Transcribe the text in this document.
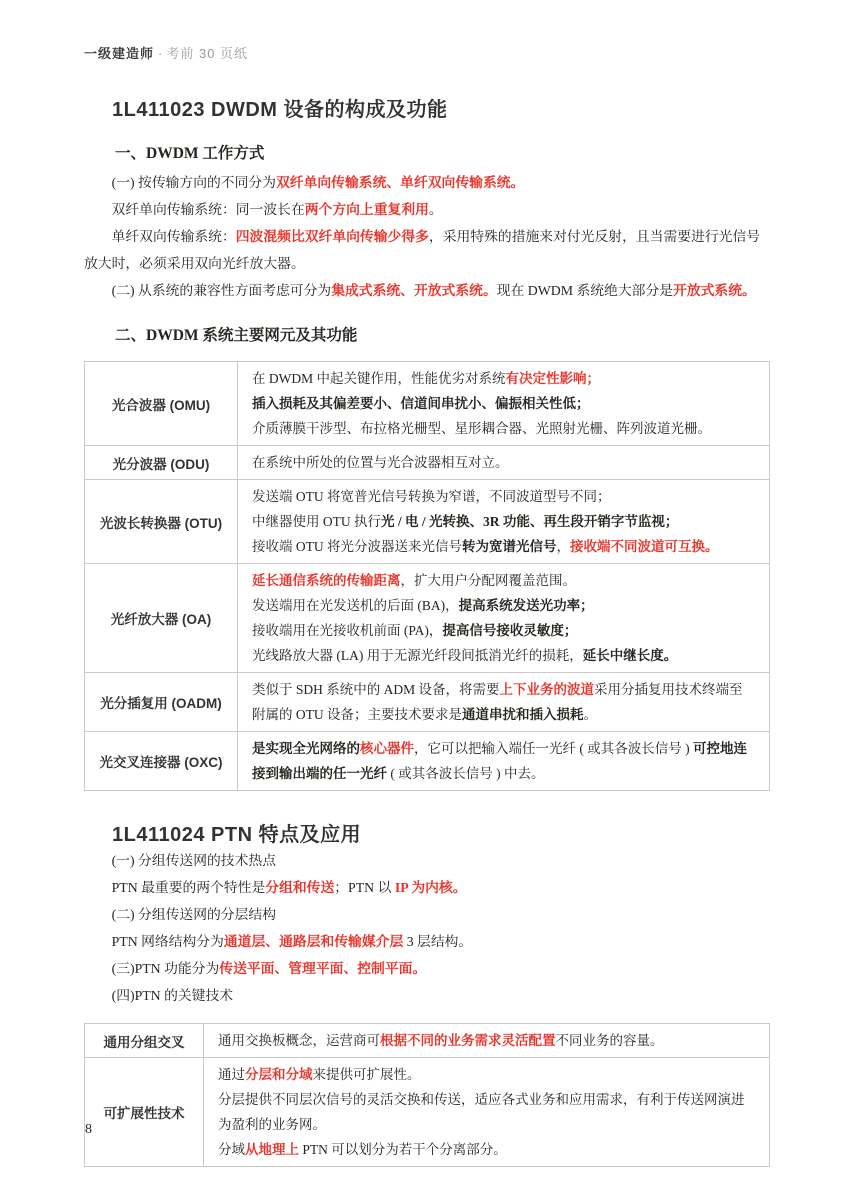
一级建造师 · 考前 30 页纸
1L411023 DWDM 设备的构成及功能
一、DWDM 工作方式

(一) 按传输方向的不同分为双纤单向传输系统、单纤双向传输系统。

双纤单向传输系统：同一波长在两个方向上重复利用。

单纤双向传输系统：四波混频比双纤单向传输少得多，采用特殊的措施来对付光反射，且当需要进行光信号放大时，必须采用双向光纤放大器。

(二) 从系统的兼容性方面考虑可分为集成式系统、开放式系统。现在 DWDM 系统绝大部分是开放式系统。

二、DWDM 系统主要网元及其功能
光合波器 (OMU)	在 DWDM 中起关键作用，性能优劣对系统有决定性影响；
插入损耗及其偏差要小、信道间串扰小、偏振相关性低；
介质薄膜干涉型、布拉格光栅型、星形耦合器、光照射光栅、阵列波道光栅。

光分波器 (ODU)	在系统中所处的位置与光合波器相互对立。

光波长转换器 (OTU)	发送端 OTU 将宽普光信号转换为窄谱，不同波道型号不同；
中继器使用 OTU 执行光 / 电 / 光转换、3R 功能、再生段开销字节监视；
接收端 OTU 将光分波器送来光信号转为宽谱光信号，接收端不同波道可互换。

光纤放大器 (OA)	延长通信系统的传输距离，扩大用户分配网覆盖范围。
发送端用在光发送机的后面 (BA)，提高系统发送光功率；
接收端用在光接收机前面 (PA)，提高信号接收灵敏度；
光线路放大器 (LA) 用于无源光纤段间抵消光纤的损耗，延长中继长度。

光分插复用 (OADM)	类似于 SDH 系统中的 ADM 设备，将需要上下业务的波道采用分插复用技术终端至附属的 OTU 设备；主要技术要求是通道串扰和插入损耗。

光交叉连接器 (OXC)	是实现全光网络的核心器件，它可以把输入端任一光纤 ( 或其各波长信号 ) 可控地连接到输出端的任一光纤 ( 或其各波长信号 ) 中去。
1L411024 PTN 特点及应用

(一) 分组传送网的技术热点

PTN 最重要的两个特性是分组和传送；PTN 以 IP 为内核。

(二) 分组传送网的分层结构

PTN 网络结构分为通道层、通路层和传输媒介层 3 层结构。

(三)PTN 功能分为传送平面、管理平面、控制平面。

(四)PTN 的关键技术

通用分组交叉	通用交换板概念，运营商可根据不同的业务需求灵活配置不同业务的容量。

可扩展性技术	通过分层和分域来提供可扩展性。
分层提供不同层次信号的灵活交换和传送，适应各式业务和应用需求，有利于传送网演进为盈利的业务网。
分域从地理上 PTN 可以划分为若干个分离部分。
8
